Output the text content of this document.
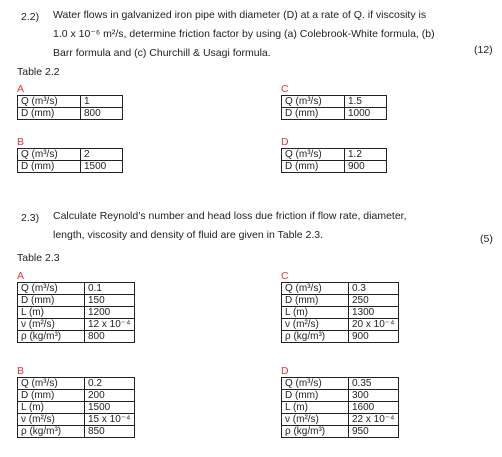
2.2) Water flows in galvanized iron pipe with diameter (D) at a rate of Q. if viscosity is
1.0 x 10⁻⁶ m²/s, determine friction factor by using (a) Colebrook-White formula, (b)
Barr formula and (c) Churchill & Usagi formula.	(12)
Table 2.2
A
Q (m³/s)	1
D (mm)	800
B
Q (m³/s)	2
D (mm)	1500
C
Q (m³/s)	1.5
D (mm)	1000
D
Q (m³/s)	1.2
D (mm)	900
2.3) Calculate Reynold’s number and head loss due friction if flow rate, diameter,
length, viscosity and density of fluid are given in Table 2.3.	(5)
Table 2.3
A
Q (m³/s)	0.1
D (mm)	150
L (m)	1200
ν (m²/s)	12 x 10⁻⁴
ρ (kg/m³)	800
B
Q (m³/s)	0.2
D (mm)	200
L (m)	1500
ν (m²/s)	15 x 10⁻⁴
ρ (kg/m³)	850
C
Q (m³/s)	0.3
D (mm)	250
L (m)	1300
ν (m²/s)	20 x 10⁻⁴
ρ (kg/m³)	900
D
Q (m³/s)	0.35
D (mm)	300
L (m)	1600
ν (m²/s)	22 x 10⁻⁴
ρ (kg/m³)	950
